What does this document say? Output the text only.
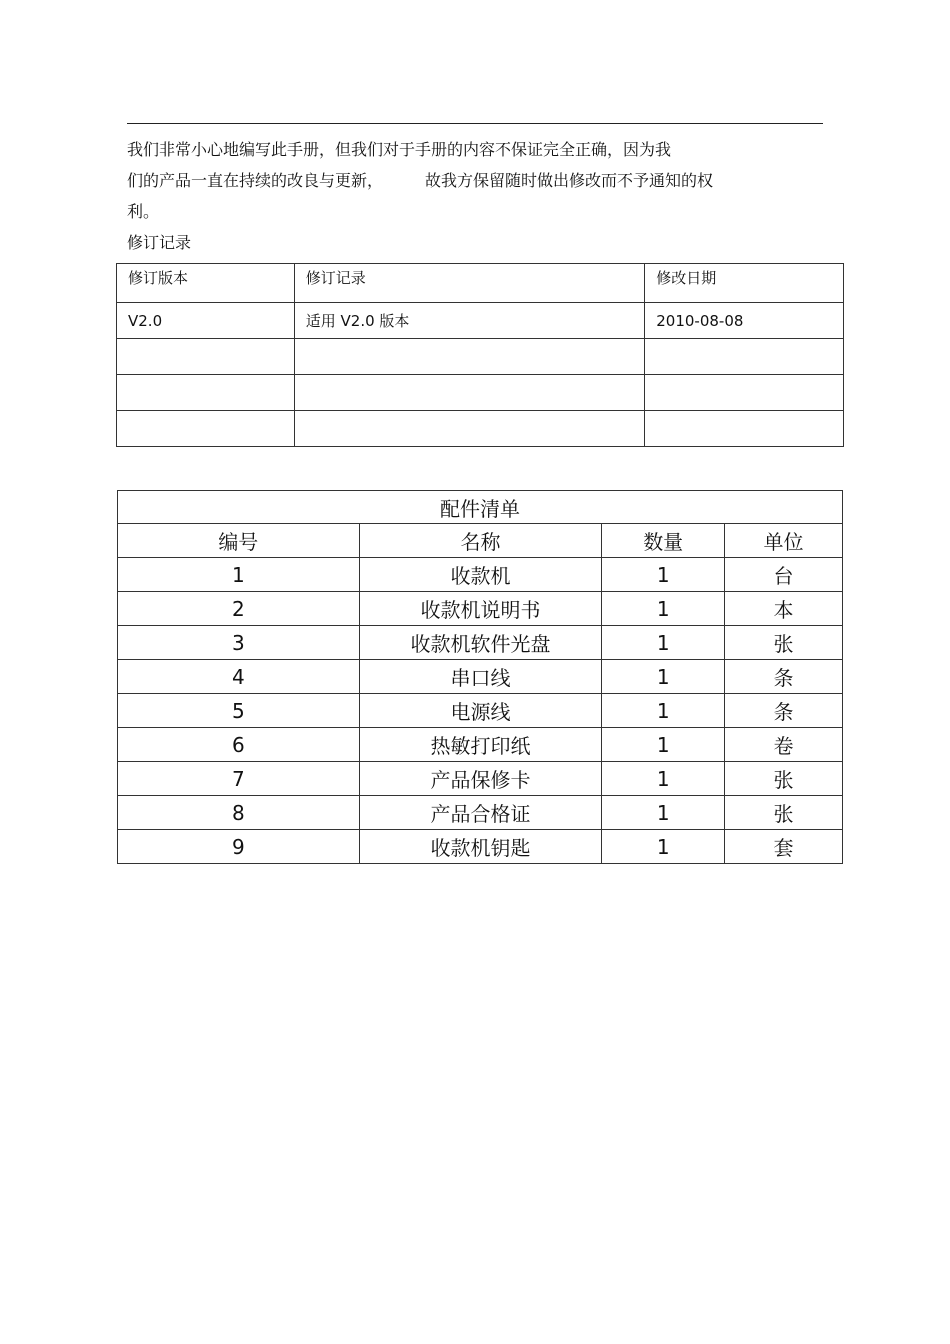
我们非常小心地编写此手册，但我们对于手册的内容不保证完全正确，因为我
们的产品一直在持续的改良与更新，	故我方保留随时做出修改而不予通知的权
利。

修订记录

修订版本	修订记录	修改日期
V2.0	适用 V2.0 版本	2010-08-08

配件清单			
编号	名称	数量	单位
1	收款机	1	台
2	收款机说明书	1	本
3	收款机软件光盘	1	张
4	串口线	1	条
5	电源线	1	条
6	热敏打印纸	1	卷
7	产品保修卡	1	张
8	产品合格证	1	张
9	收款机钥匙	1	套
